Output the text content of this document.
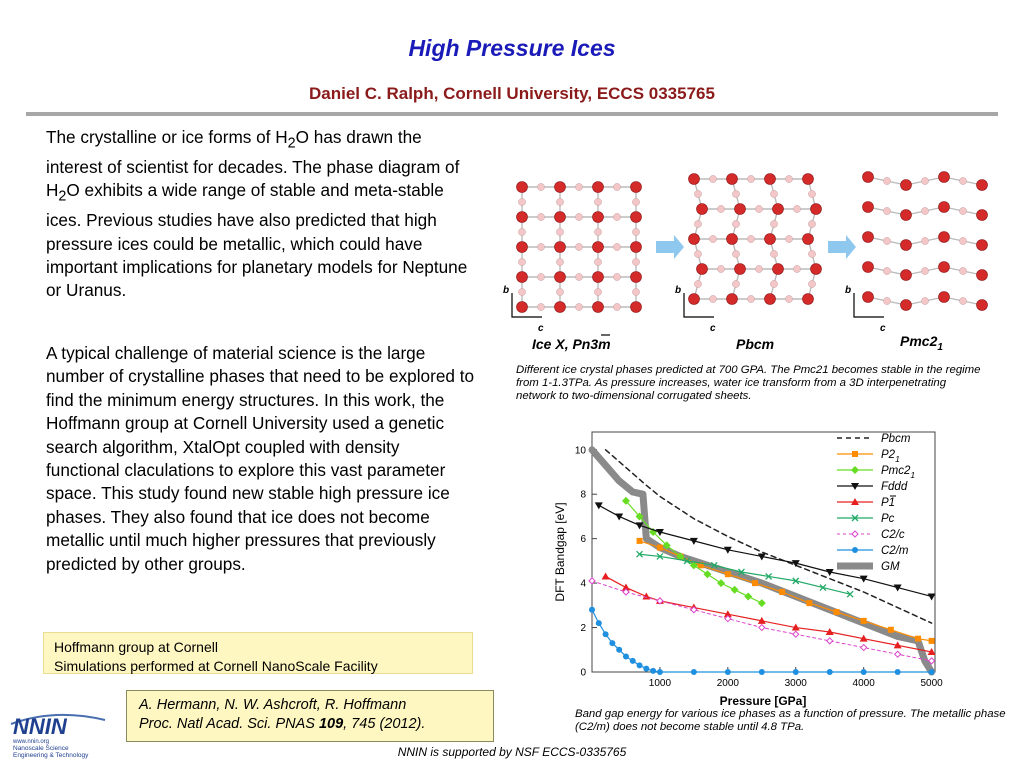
High Pressure Ices
Daniel C. Ralph, Cornell University, ECCS 0335765
The crystalline or ice forms of $H_2O$ has drawn the interest of scientist for decades. The phase diagram of $H_2O$ exhibits a wide range of stable and meta-stable ices. Previous studies have also predicted that high pressure ices could be metallic, which could have important implications for planetary models for Neptune or Uranus.
A typical challenge of material science is the large number of crystalline phases that need to be explored to find the minimum energy structures. In this work, the Hoffmann group at Cornell University used a genetic search algorithm, XtalOpt coupled with density functional claculations to explore this vast parameter space. This study found new stable high pressure ice phases. They also found that ice does not become metallic until much higher pressures that previously predicted by other groups.
Hoffmann group at Cornell
Simulations performed at Cornell NanoScale Facility
A. Hermann, N. W. Ashcroft, R. Hoffmann
Proc. Natl Acad. Sci. PNAS 109, 745 (2012).
NNIN
www.nnin.org
Nanoscale Science
Engineering & Technology
b
c
b
c
b
c
Ice X, Pn3m	Pbcm	$Pmc2_1$
Different ice crystal phases predicted at 700 GPA. The Pmc21 becomes stable in the regime from 1-1.3TPa. As pressure increases, water ice transform from a 3D interpenetrating network to two-dimensional corrugated sheets.
1000	2000	3000	4000	5000
0
2
4
6
8
10
Pbcm
$P2_1$
$Pmc2_1$
Fddd
P1
Pc
C2/c
C2/m
GM
Pressure [GPa]
DFT Bandgap [eV]
Band gap energy for various ice phases as a function of pressure. The metallic phase (C2/m) does not become stable until 4.8 TPa.
NNIN is supported by NSF ECCS-0335765
